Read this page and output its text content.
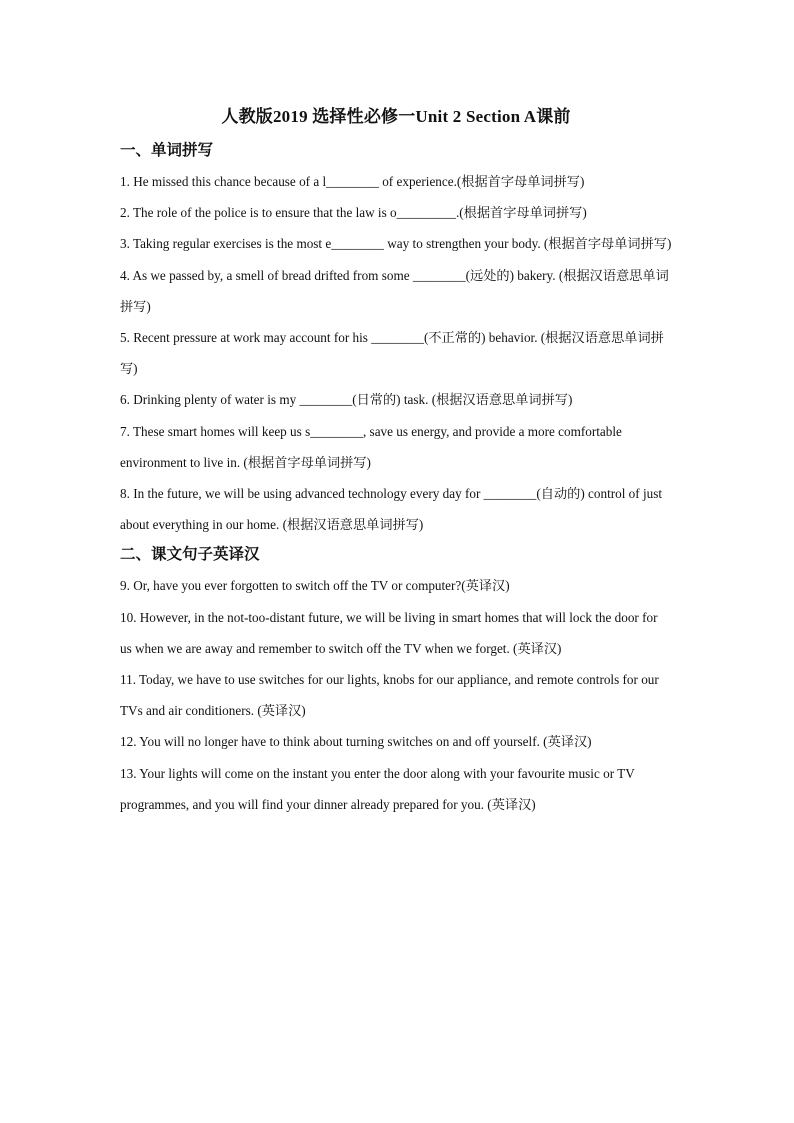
人教版2019 选择性必修一Unit 2 Section A课前
一、单词拼写

1. He missed this chance because of a l________ of experience.(根据首字母单词拼写)

2. The role of the police is to ensure that the law is o_________.(根据首字母单词拼写)

3. Taking regular exercises is the most e________ way to strengthen your body. (根据首字母单词拼写)

4. As we passed by, a smell of bread drifted from some ________(远处的) bakery. (根据汉语意思单词拼写)

5. Recent pressure at work may account for his ________(不正常的) behavior. (根据汉语意思单词拼写)

6. Drinking plenty of water is my ________(日常的) task. (根据汉语意思单词拼写)

7. These smart homes will keep us s________, save us energy, and provide a more comfortable environment to live in. (根据首字母单词拼写)

8. In the future, we will be using advanced technology every day for ________(自动的) control of just about everything in our home. (根据汉语意思单词拼写)

二、课文句子英译汉

9. Or, have you ever forgotten to switch off the TV or computer?(英译汉)

10. However, in the not-too-distant future, we will be living in smart homes that will lock the door for us when we are away and remember to switch off the TV when we forget. (英译汉)

11. Today, we have to use switches for our lights, knobs for our appliance, and remote controls for our TVs and air conditioners. (英译汉)

12. You will no longer have to think about turning switches on and off yourself. (英译汉)

13. Your lights will come on the instant you enter the door along with your favourite music or TV programmes, and you will find your dinner already prepared for you. (英译汉)
